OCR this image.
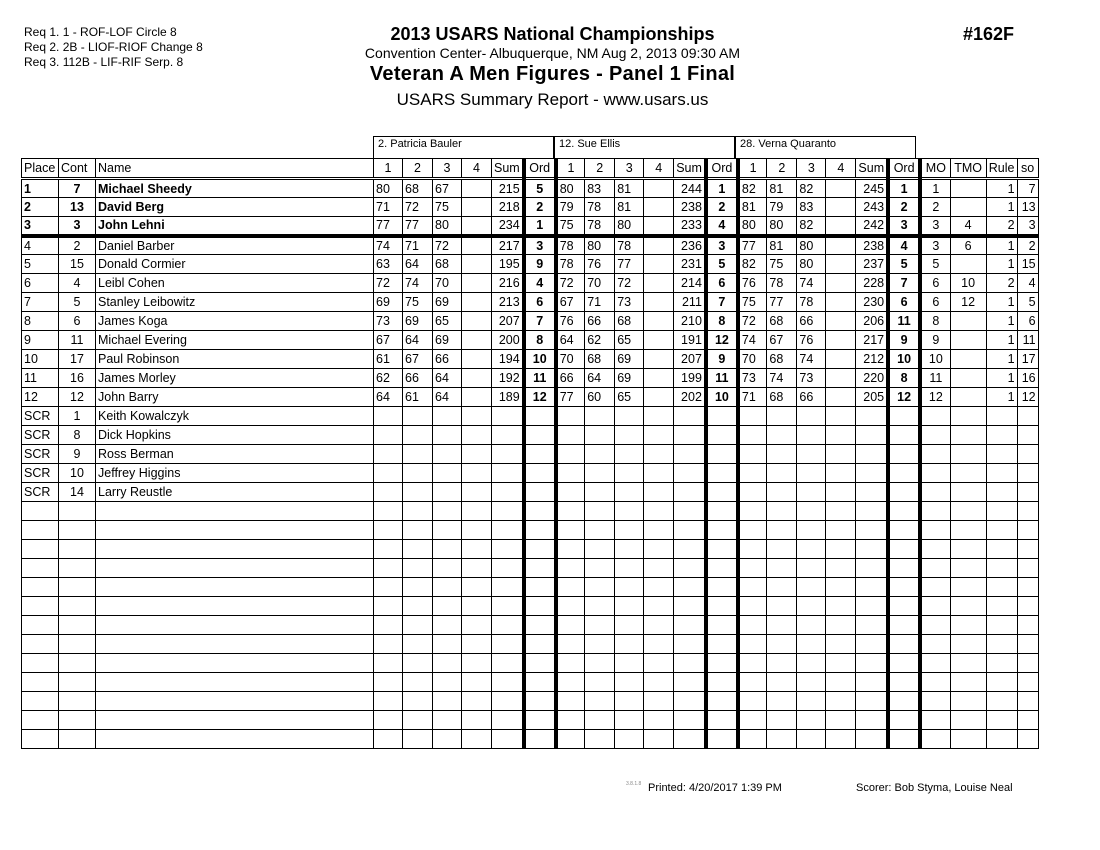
Req 1. 1 - ROF-LOF Circle 8
Req 2. 2B - LIOF-RIOF Change 8
Req 3. 112B - LIF-RIF Serp. 8
2013 USARS National Championships
Convention Center- Albuquerque, NM Aug 2, 2013 09:30 AM
Veteran A Men Figures - Panel 1 Final
USARS Summary Report - www.usars.us
#162F
2. Patricia Bauler	12. Sue Ellis	28. Verna Quaranto
Place	Cont	Name	1	2	3	4	Sum	Ord	1	2	3	4	Sum	Ord	1	2	3	4	Sum	Ord	MO	TMO	Rule	so
1	7	Michael Sheedy	80	68	67		215	5	80	83	81		244	1	82	81	82		245	1	1		1	7
2	13	David Berg	71	72	75		218	2	79	78	81		238	2	81	79	83		243	2	2		1	13
3	3	John Lehni	77	77	80		234	1	75	78	80		233	4	80	80	82		242	3	3	4	2	3
4	2	Daniel Barber	74	71	72		217	3	78	80	78		236	3	77	81	80		238	4	3	6	1	2
5	15	Donald Cormier	63	64	68		195	9	78	76	77		231	5	82	75	80		237	5	5		1	15
6	4	Leibl Cohen	72	74	70		216	4	72	70	72		214	6	76	78	74		228	7	6	10	2	4
7	5	Stanley Leibowitz	69	75	69		213	6	67	71	73		211	7	75	77	78		230	6	6	12	1	5
8	6	James Koga	73	69	65		207	7	76	66	68		210	8	72	68	66		206	11	8		1	6
9	11	Michael Evering	67	64	69		200	8	64	62	65		191	12	74	67	76		217	9	9		1	11
10	17	Paul Robinson	61	67	66		194	10	70	68	69		207	9	70	68	74		212	10	10		1	17
11	16	James Morley	62	66	64		192	11	66	64	69		199	11	73	74	73		220	8	11		1	16
12	12	John Barry	64	61	64		189	12	77	60	65		202	10	71	68	66		205	12	12		1	12
SCR	1	Keith Kowalczyk																						
SCR	8	Dick Hopkins																						
SCR	9	Ross Berman																						
SCR	10	Jeffrey Higgins																						
SCR	14	Larry Reustle																						

3.8.1.8 Printed: 4/20/2017 1:39 PM	Scorer: Bob Styma, Louise Neal
